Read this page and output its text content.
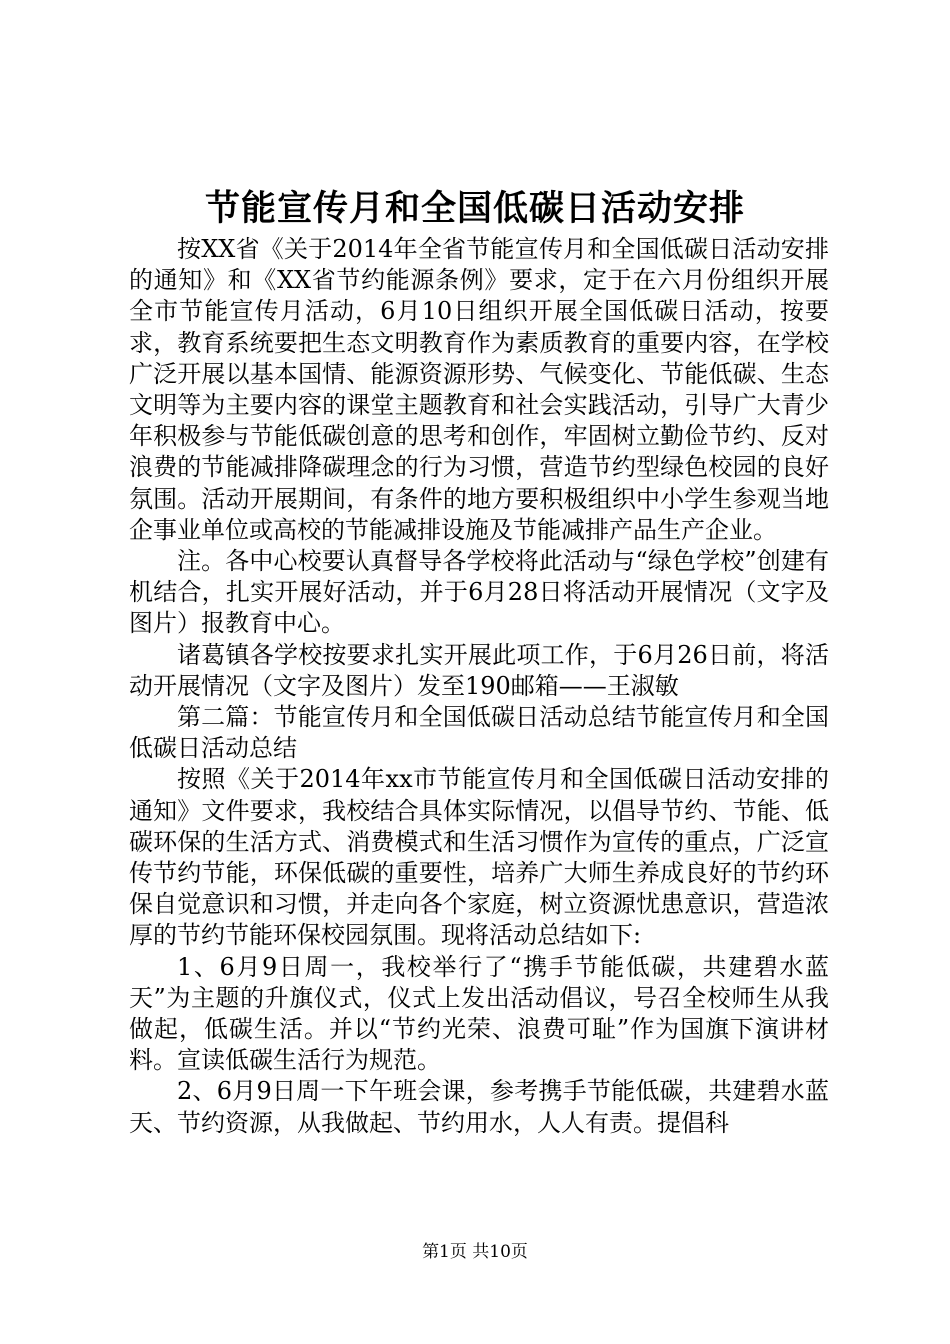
节能宣传月和全国低碳日活动安排

按XX省《关于2014年全省节能宣传月和全国低碳日活动安排的通知》和《XX省节约能源条例》要求，定于在六月份组织开展全市节能宣传月活动，6月10日组织开展全国低碳日活动，按要求，教育系统要把生态文明教育作为素质教育的重要内容，在学校广泛开展以基本国情、能源资源形势、气候变化、节能低碳、生态文明等为主要内容的课堂主题教育和社会实践活动，引导广大青少年积极参与节能低碳创意的思考和创作，牢固树立勤俭节约、反对浪费的节能减排降碳理念的行为习惯，营造节约型绿色校园的良好氛围。活动开展期间，有条件的地方要积极组织中小学生参观当地企事业单位或高校的节能减排设施及节能减排产品生产企业。

注。各中心校要认真督导各学校将此活动与“绿色学校”创建有机结合，扎实开展好活动，并于6月28日将活动开展情况（文字及图片）报教育中心。

诸葛镇各学校按要求扎实开展此项工作，于6月26日前，将活动开展情况（文字及图片）发至190邮箱——王淑敏

第二篇：节能宣传月和全国低碳日活动总结节能宣传月和全国低碳日活动总结

按照《关于2014年xx市节能宣传月和全国低碳日活动安排的通知》文件要求，我校结合具体实际情况，以倡导节约、节能、低碳环保的生活方式、消费模式和生活习惯作为宣传的重点，广泛宣传节约节能，环保低碳的重要性，培养广大师生养成良好的节约环保自觉意识和习惯，并走向各个家庭，树立资源忧患意识，营造浓厚的节约节能环保校园氛围。现将活动总结如下:

1、6月9日周一，我校举行了“携手节能低碳，共建碧水蓝天”为主题的升旗仪式，仪式上发出活动倡议，号召全校师生从我做起，低碳生活。并以“节约光荣、浪费可耻”作为国旗下演讲材料。宣读低碳生活行为规范。

2、6月9日周一下午班会课，参考携手节能低碳，共建碧水蓝天、节约资源，从我做起、节约用水，人人有责。提倡科

第1页 共10页
